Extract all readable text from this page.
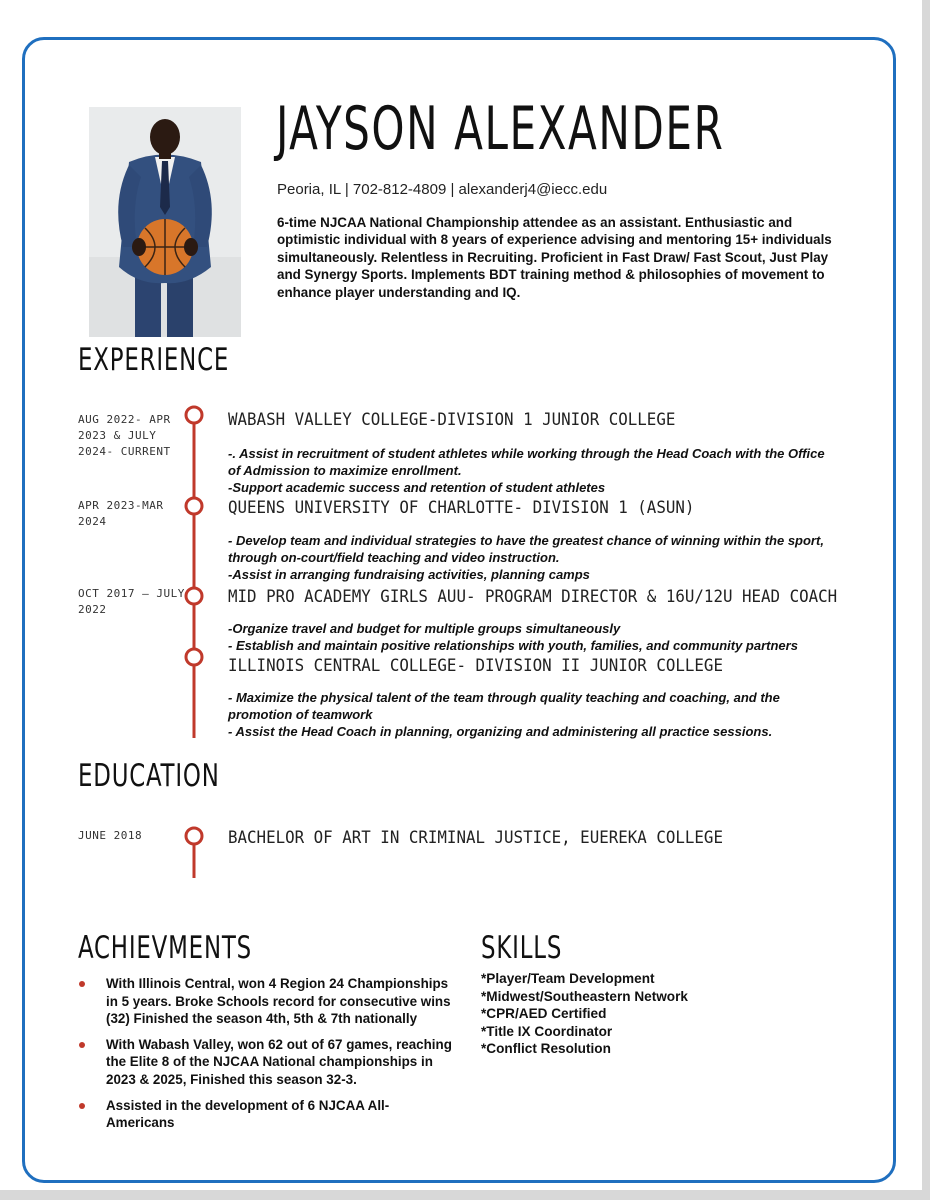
JAYSON ALEXANDER
Peoria, IL | 702-812-4809 | alexanderj4@iecc.edu
6-time NJCAA National Championship attendee as an assistant. Enthusiastic and optimistic individual with 8 years of experience advising and mentoring 15+ individuals simultaneously. Relentless in Recruiting. Proficient in Fast Draw/ Fast Scout, Just Play and Synergy Sports. Implements BDT training method & philosophies of movement to enhance player understanding and IQ.
EXPERIENCE
AUG 2022- APR 2023 & JULY 2024- CURRENT
WABASH VALLEY COLLEGE-DIVISION 1 JUNIOR COLLEGE
-. Assist in recruitment of student athletes while working through the Head Coach with the Office of Admission to maximize enrollment.
-Support academic success and retention of student athletes
APR 2023-MAR 2024
QUEENS UNIVERSITY OF CHARLOTTE- DIVISION 1 (ASUN)
- Develop team and individual strategies to have the greatest chance of winning within the sport, through on-court/field teaching and video instruction.
-Assist in arranging fundraising activities, planning camps
OCT 2017 – JULY 2022
MID PRO ACADEMY GIRLS AUU- PROGRAM DIRECTOR & 16U/12U HEAD COACH
-Organize travel and budget for multiple groups simultaneously
- Establish and maintain positive relationships with youth, families, and community partners
ILLINOIS CENTRAL COLLEGE- DIVISION II JUNIOR COLLEGE
- Maximize the physical talent of the team through quality teaching and coaching, and the promotion of teamwork
- Assist the Head Coach in planning, organizing and administering all practice sessions.
EDUCATION
JUNE 2018	BACHELOR OF ART IN CRIMINAL JUSTICE, EUEREKA COLLEGE
ACHIEVMENTS
With Illinois Central, won 4 Region 24 Championships in 5 years. Broke Schools record for consecutive wins (32) Finished the season 4th, 5th & 7th nationally
With Wabash Valley, won 62 out of 67 games, reaching the Elite 8 of the NJCAA National championships in 2023 & 2025, Finished this season 32-3.
Assisted in the development of 6 NJCAA All-Americans
SKILLS
*Player/Team Development
*Midwest/Southeastern Network
*CPR/AED Certified
*Title IX Coordinator
*Conflict Resolution
